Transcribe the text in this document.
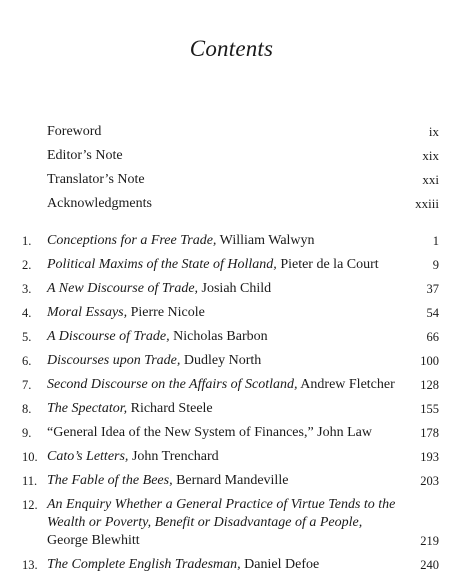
Contents
Foreword	ix
Editor’s Note	xix
Translator’s Note	xxi
Acknowledgments	xxiii
1. Conceptions for a Free Trade, William Walwyn	1
2. Political Maxims of the State of Holland, Pieter de la Court	9
3. A New Discourse of Trade, Josiah Child	37
4. Moral Essays, Pierre Nicole	54
5. A Discourse of Trade, Nicholas Barbon	66
6. Discourses upon Trade, Dudley North	100
7. Second Discourse on the Affairs of Scotland, Andrew Fletcher	128
8. The Spectator, Richard Steele	155
9. “General Idea of the New System of Finances,” John Law	178
10. Cato’s Letters, John Trenchard	193
11. The Fable of the Bees, Bernard Mandeville	203
12. An Enquiry Whether a General Practice of Virtue Tends to the Wealth or Poverty, Benefit or Disadvantage of a People,
George Blewhitt	219
13. The Complete English Tradesman, Daniel Defoe	240
